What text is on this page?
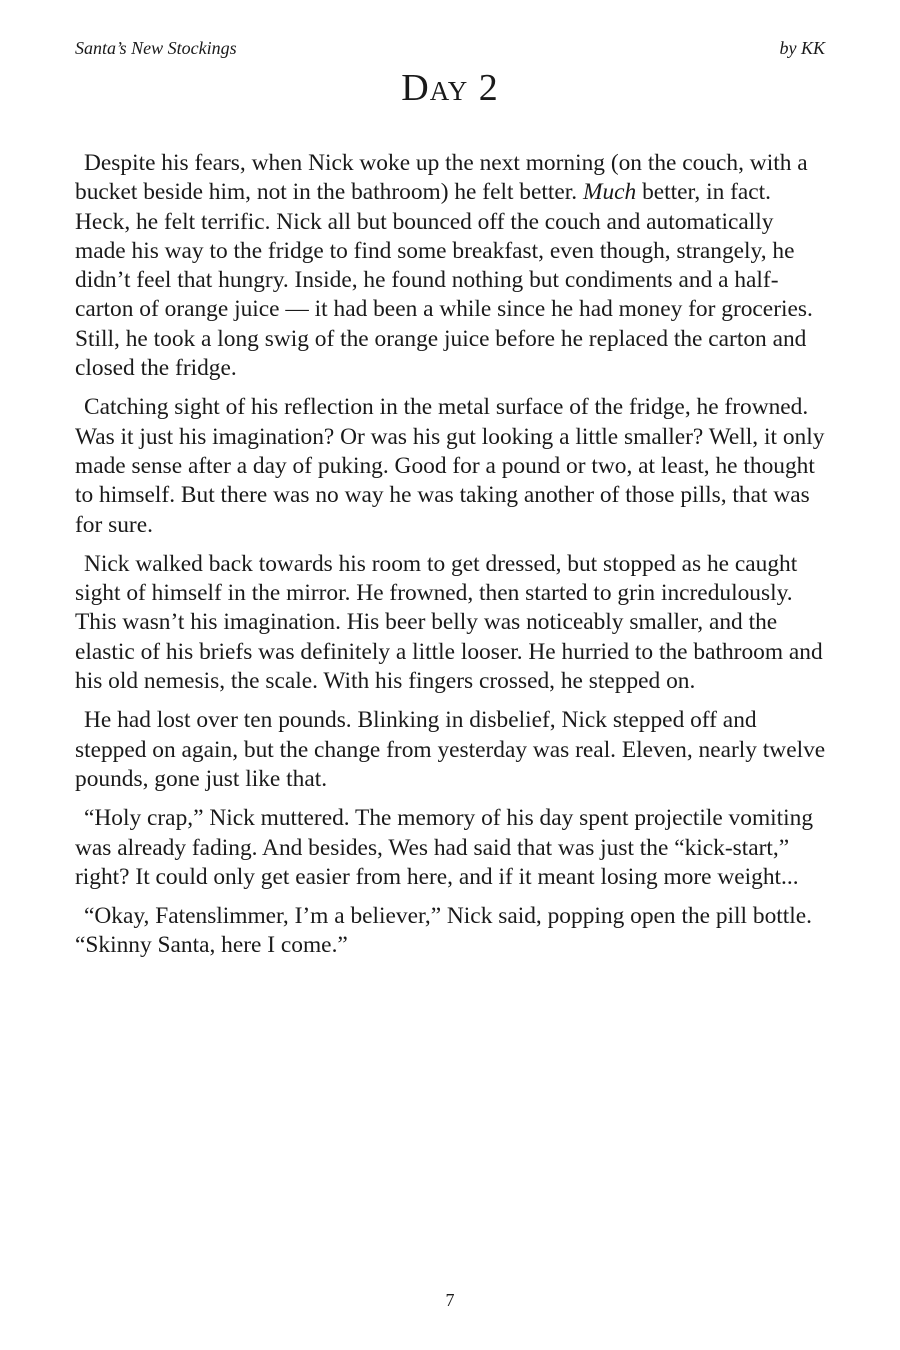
Santa’s New Stockings	by KK
Day 2

Despite his fears, when Nick woke up the next morning (on the couch, with a bucket beside him, not in the bathroom) he felt better. Much better, in fact. Heck, he felt terrific. Nick all but bounced off the couch and automatically made his way to the fridge to find some breakfast, even though, strangely, he didn’t feel that hungry. Inside, he found nothing but condiments and a half-carton of orange juice — it had been a while since he had money for groceries. Still, he took a long swig of the orange juice before he replaced the carton and closed the fridge.

Catching sight of his reflection in the metal surface of the fridge, he frowned. Was it just his imagination? Or was his gut looking a little smaller? Well, it only made sense after a day of puking. Good for a pound or two, at least, he thought to himself. But there was no way he was taking another of those pills, that was for sure.

Nick walked back towards his room to get dressed, but stopped as he caught sight of himself in the mirror. He frowned, then started to grin incredulously. This wasn’t his imagination. His beer belly was noticeably smaller, and the elastic of his briefs was definitely a little looser. He hurried to the bathroom and his old nemesis, the scale. With his fingers crossed, he stepped on.

He had lost over ten pounds. Blinking in disbelief, Nick stepped off and stepped on again, but the change from yesterday was real. Eleven, nearly twelve pounds, gone just like that.

“Holy crap,” Nick muttered. The memory of his day spent projectile vomiting was already fading. And besides, Wes had said that was just the “kick-start,” right? It could only get easier from here, and if it meant losing more weight...

“Okay, Fatenslimmer, I’m a believer,” Nick said, popping open the pill bottle. “Skinny Santa, here I come.”

7
